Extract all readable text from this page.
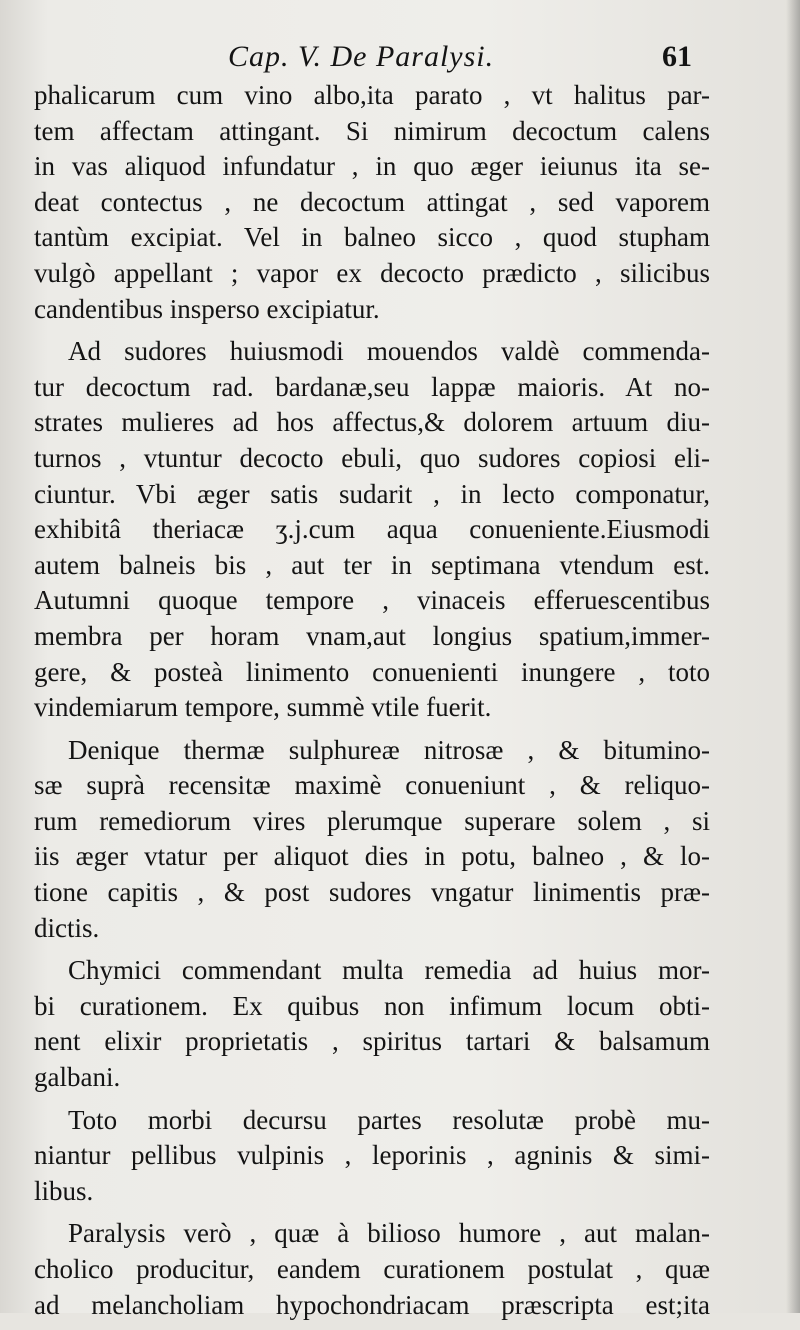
Cap. V. De Paralysi.	61
phalicarum cum vino albo,ita parato , vt halitus par-
tem affectam attingant. Si nimirum decoctum calens
in vas aliquod infundatur , in quo æger ieiunus ita se-
deat contectus , ne decoctum attingat , sed vaporem
tantùm excipiat. Vel in balneo sicco , quod stupham
vulgò appellant ; vapor ex decocto prædicto , silicibus
candentibus inspersо excipiatur.
Ad sudores huiusmodi mouendos valdè commenda-
tur decoctum rad. bardanæ,seu lappæ maioris. At no-
strates mulieres ad hos affectus,& dolorem artuum diu-
turnos , vtuntur decocto ebuli, quo sudores copiosi eli-
ciuntur. Vbi æger satis sudarit , in lecto componatur,
exhibitâ theriacæ ʒ.j.cum aqua conueniente.Eiusmodi
autem balneis bis , aut ter in septimana vtendum est.
Autumni quoque tempore , vinaceis efferuescentibus
membra per horam vnam,aut longius spatium,immer-
gere, & posteà linimento conuenienti inungere , toto
vindemiarum tempore, summè vtile fuerit.
Denique thermæ sulphureæ nitrosæ , & bitumino-
sæ suprà recensitæ maximè conueniunt , & reliquo-
rum remediorum vires plerumque superare solem , si
iis æger vtatur per aliquot dies in potu, balneo , & lo-
tione capitis , & post sudores vngatur linimentis præ-
dictis.
Chymici commendant multa remedia ad huius mor-
bi curationem. Ex quibus non infimum locum obti-
nent elixir proprietatis , spiritus tartari & balsamum
galbani.
Toto morbi decursu partes resolutæ probè mu-
niantur pellibus vulpinis , leporinis , agninis & simi-
libus.
Paralysis verò , quæ à bilioso humore , aut malan-
cholico producitur, eandem curationem postulat , quæ
ad melancholiam hypochondriacam præscripta est;ita
